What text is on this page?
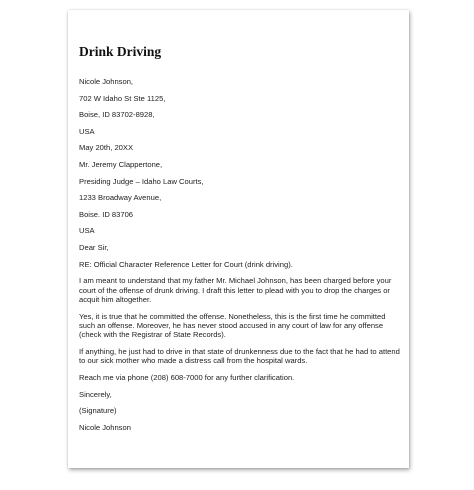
Drink Driving

Nicole Johnson,

702 W Idaho St Ste 1125,

Boise, ID 83702-8928,

USA

May 20th, 20XX

Mr. Jeremy Clappertone,

Presiding Judge – Idaho Law Courts,

1233 Broadway Avenue,

Boise. ID 83706

USA

Dear Sir,

RE: Official Character Reference Letter for Court (drink driving).

I am meant to understand that my father Mr. Michael Johnson, has been charged before your court of the offense of drunk driving. I draft this letter to plead with you to drop the charges or acquit him altogether.

Yes, it is true that he committed the offense. Nonetheless, this is the first time he committed such an offense. Moreover, he has never stood accused in any court of law for any offense (check with the Registrar of State Records).

If anything, he just had to drive in that state of drunkenness due to the fact that he had to attend to our sick mother who made a distress call from the hospital wards.

Reach me via phone (208) 608-7000 for any further clarification.

Sincerely,

(Signature)

Nicole Johnson
